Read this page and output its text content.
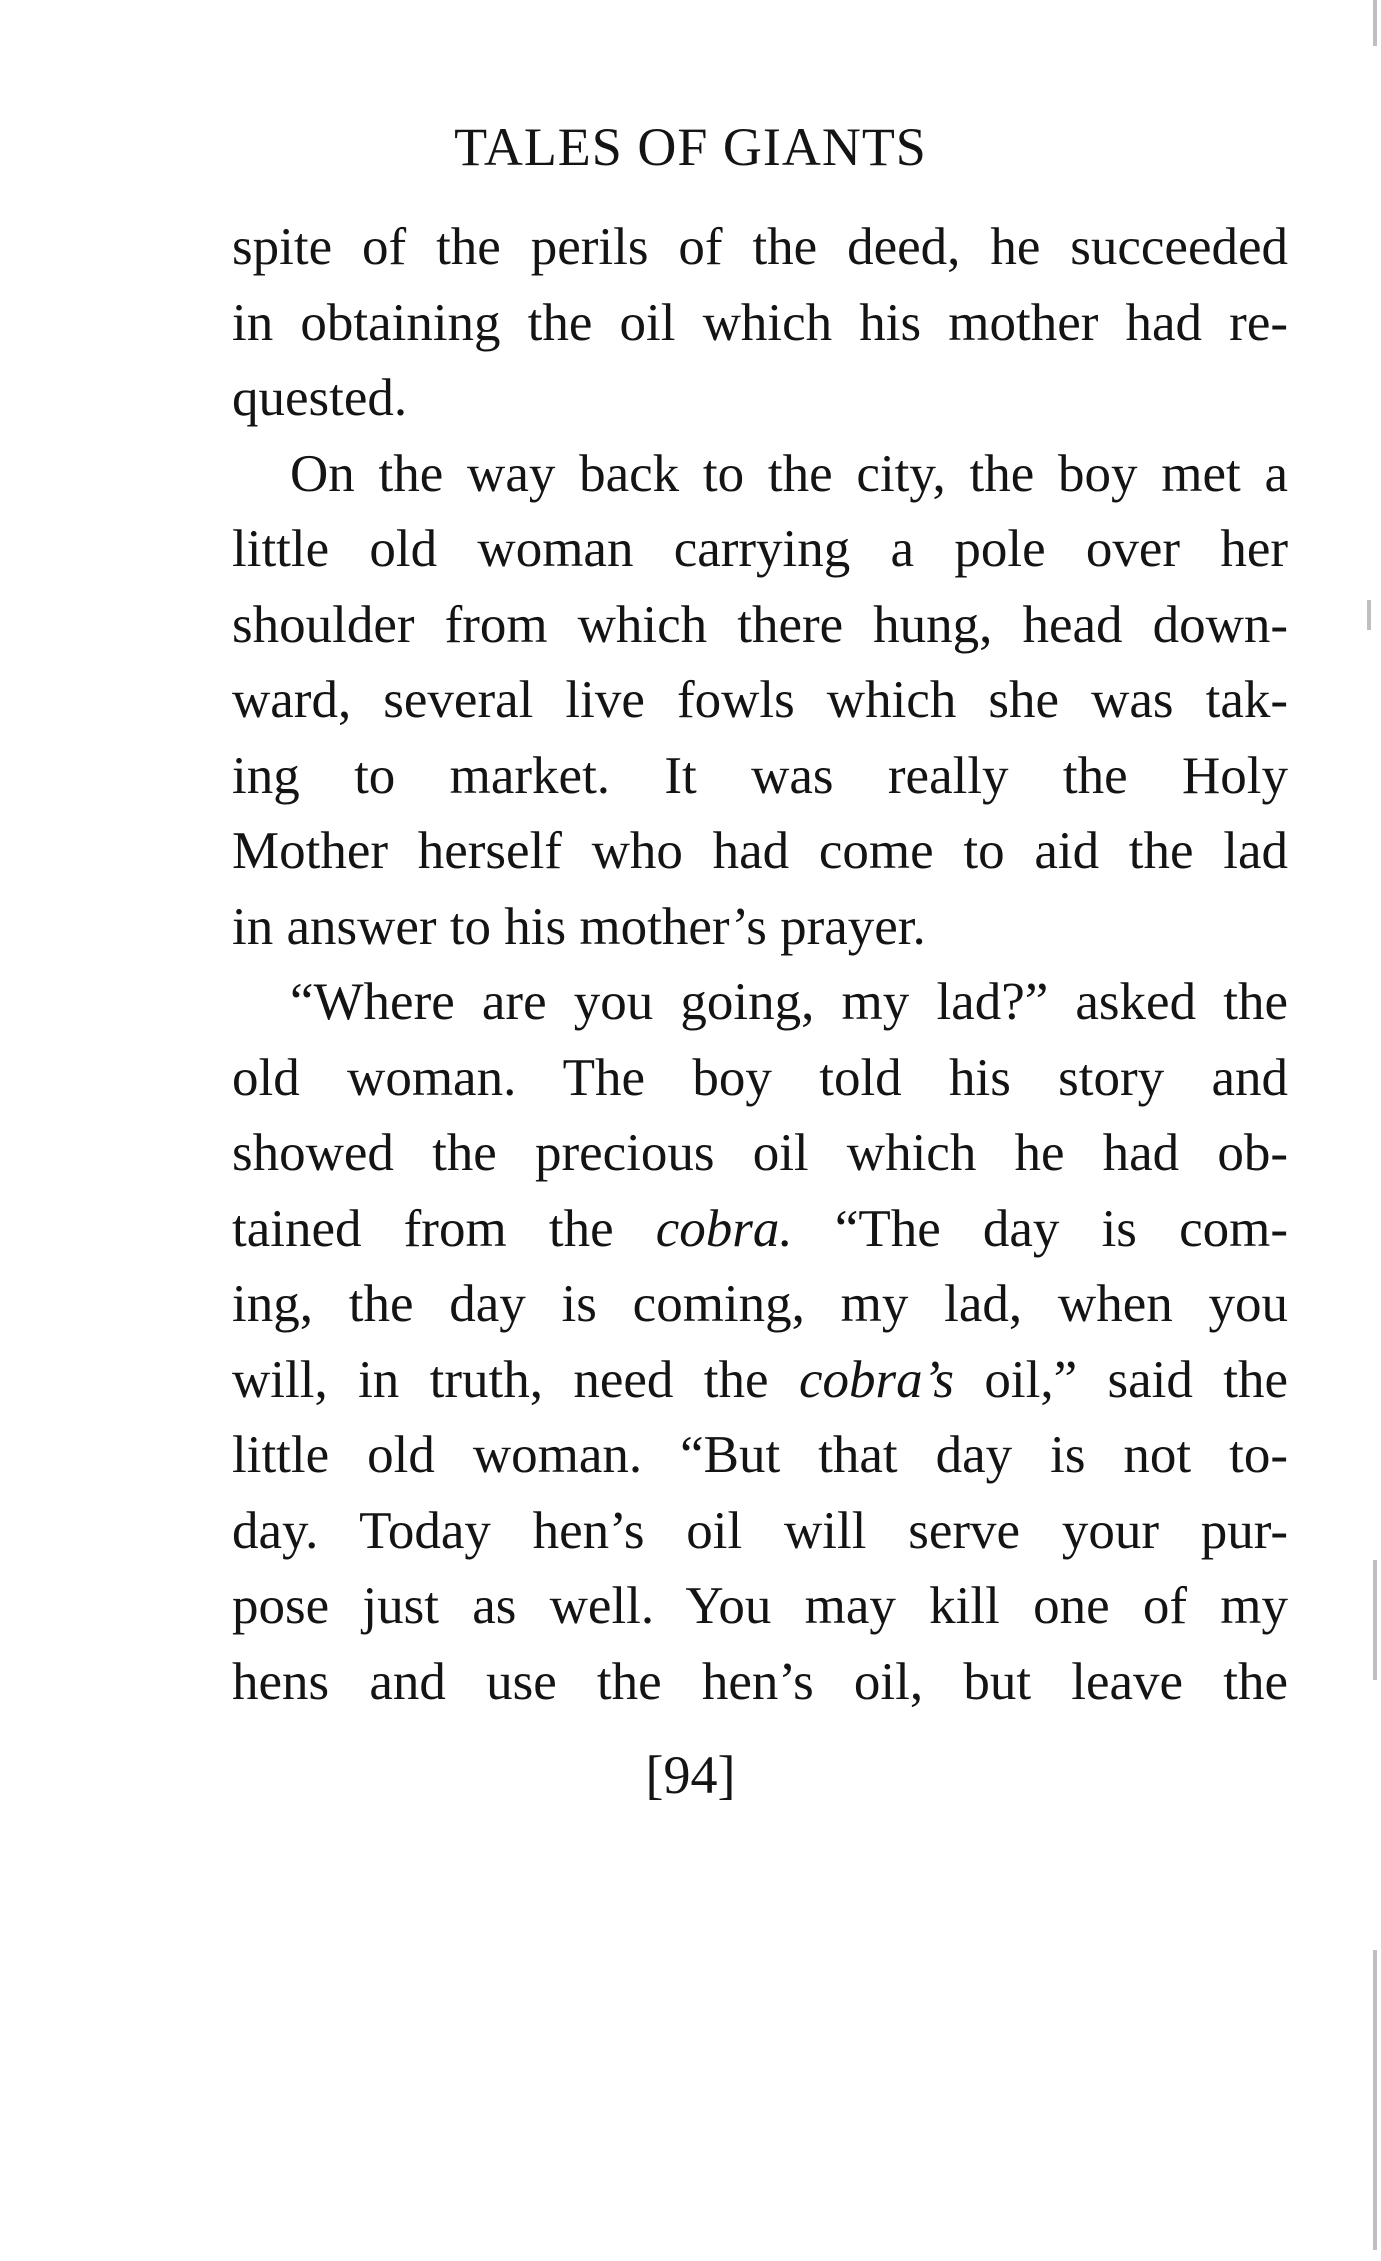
TALES OF GIANTS

spite of the perils of the deed, he succeeded
in obtaining the oil which his mother had re-
quested.

On the way back to the city, the boy met a
little old woman carrying a pole over her
shoulder from which there hung, head down-
ward, several live fowls which she was tak-
ing to market. It was really the Holy
Mother herself who had come to aid the lad
in answer to his mother’s prayer.

“Where are you going, my lad?” asked the
old woman. The boy told his story and
showed the precious oil which he had ob-
tained from the cobra. “The day is com-
ing, the day is coming, my lad, when you
will, in truth, need the cobra’s oil,” said the
little old woman. “But that day is not to-
day. Today hen’s oil will serve your pur-
pose just as well. You may kill one of my
hens and use the hen’s oil, but leave the

[94]
